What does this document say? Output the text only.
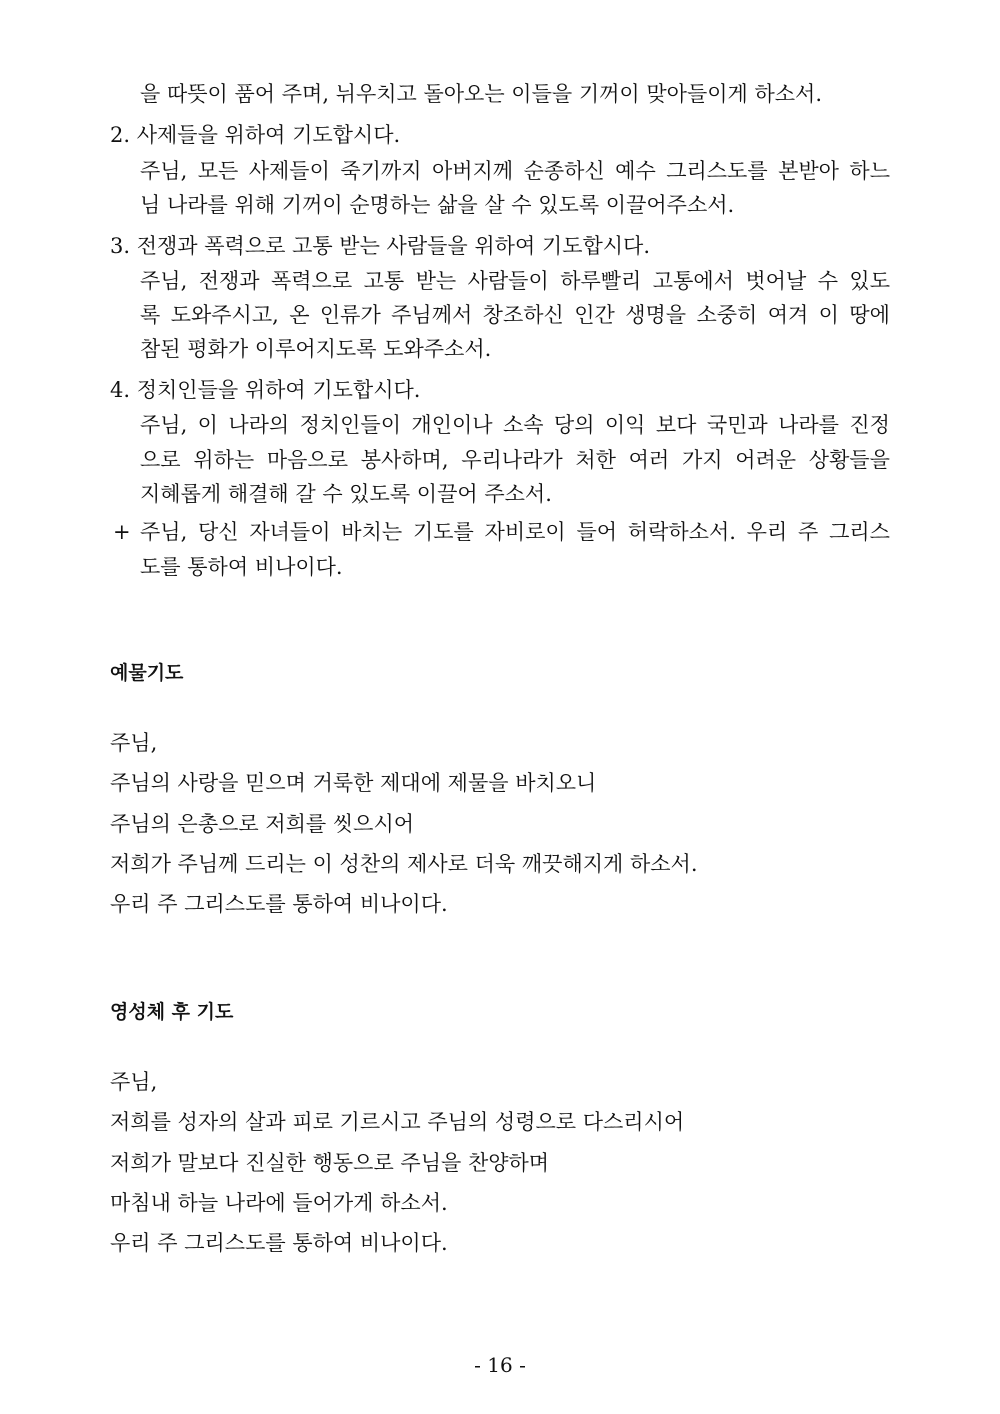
을 따뜻이 품어 주며, 뉘우치고 돌아오는 이들을 기꺼이 맞아들이게 하소서.
2. 사제들을 위하여 기도합시다.
주님, 모든 사제들이 죽기까지 아버지께 순종하신 예수 그리스도를 본받아 하느
님 나라를 위해 기꺼이 순명하는 삶을 살 수 있도록 이끌어주소서.
3. 전쟁과 폭력으로 고통 받는 사람들을 위하여 기도합시다.
주님, 전쟁과 폭력으로 고통 받는 사람들이 하루빨리 고통에서 벗어날 수 있도
록 도와주시고, 온 인류가 주님께서 창조하신 인간 생명을 소중히 여겨 이 땅에
참된 평화가 이루어지도록 도와주소서.
4. 정치인들을 위하여 기도합시다.
주님, 이 나라의 정치인들이 개인이나 소속 당의 이익 보다 국민과 나라를 진정
으로 위하는 마음으로 봉사하며, 우리나라가 처한 여러 가지 어려운 상황들을
지혜롭게 해결해 갈 수 있도록 이끌어 주소서.
+ 주님, 당신 자녀들이 바치는 기도를 자비로이 들어 허락하소서. 우리 주 그리스
도를 통하여 비나이다.
예물기도
주님,
주님의 사랑을 믿으며 거룩한 제대에 제물을 바치오니
주님의 은총으로 저희를 씻으시어
저희가 주님께 드리는 이 성찬의 제사로 더욱 깨끗해지게 하소서.
우리 주 그리스도를 통하여 비나이다.
영성체 후 기도
주님,
저희를 성자의 살과 피로 기르시고 주님의 성령으로 다스리시어
저희가 말보다 진실한 행동으로 주님을 찬양하며
마침내 하늘 나라에 들어가게 하소서.
우리 주 그리스도를 통하여 비나이다.
- 16 -
